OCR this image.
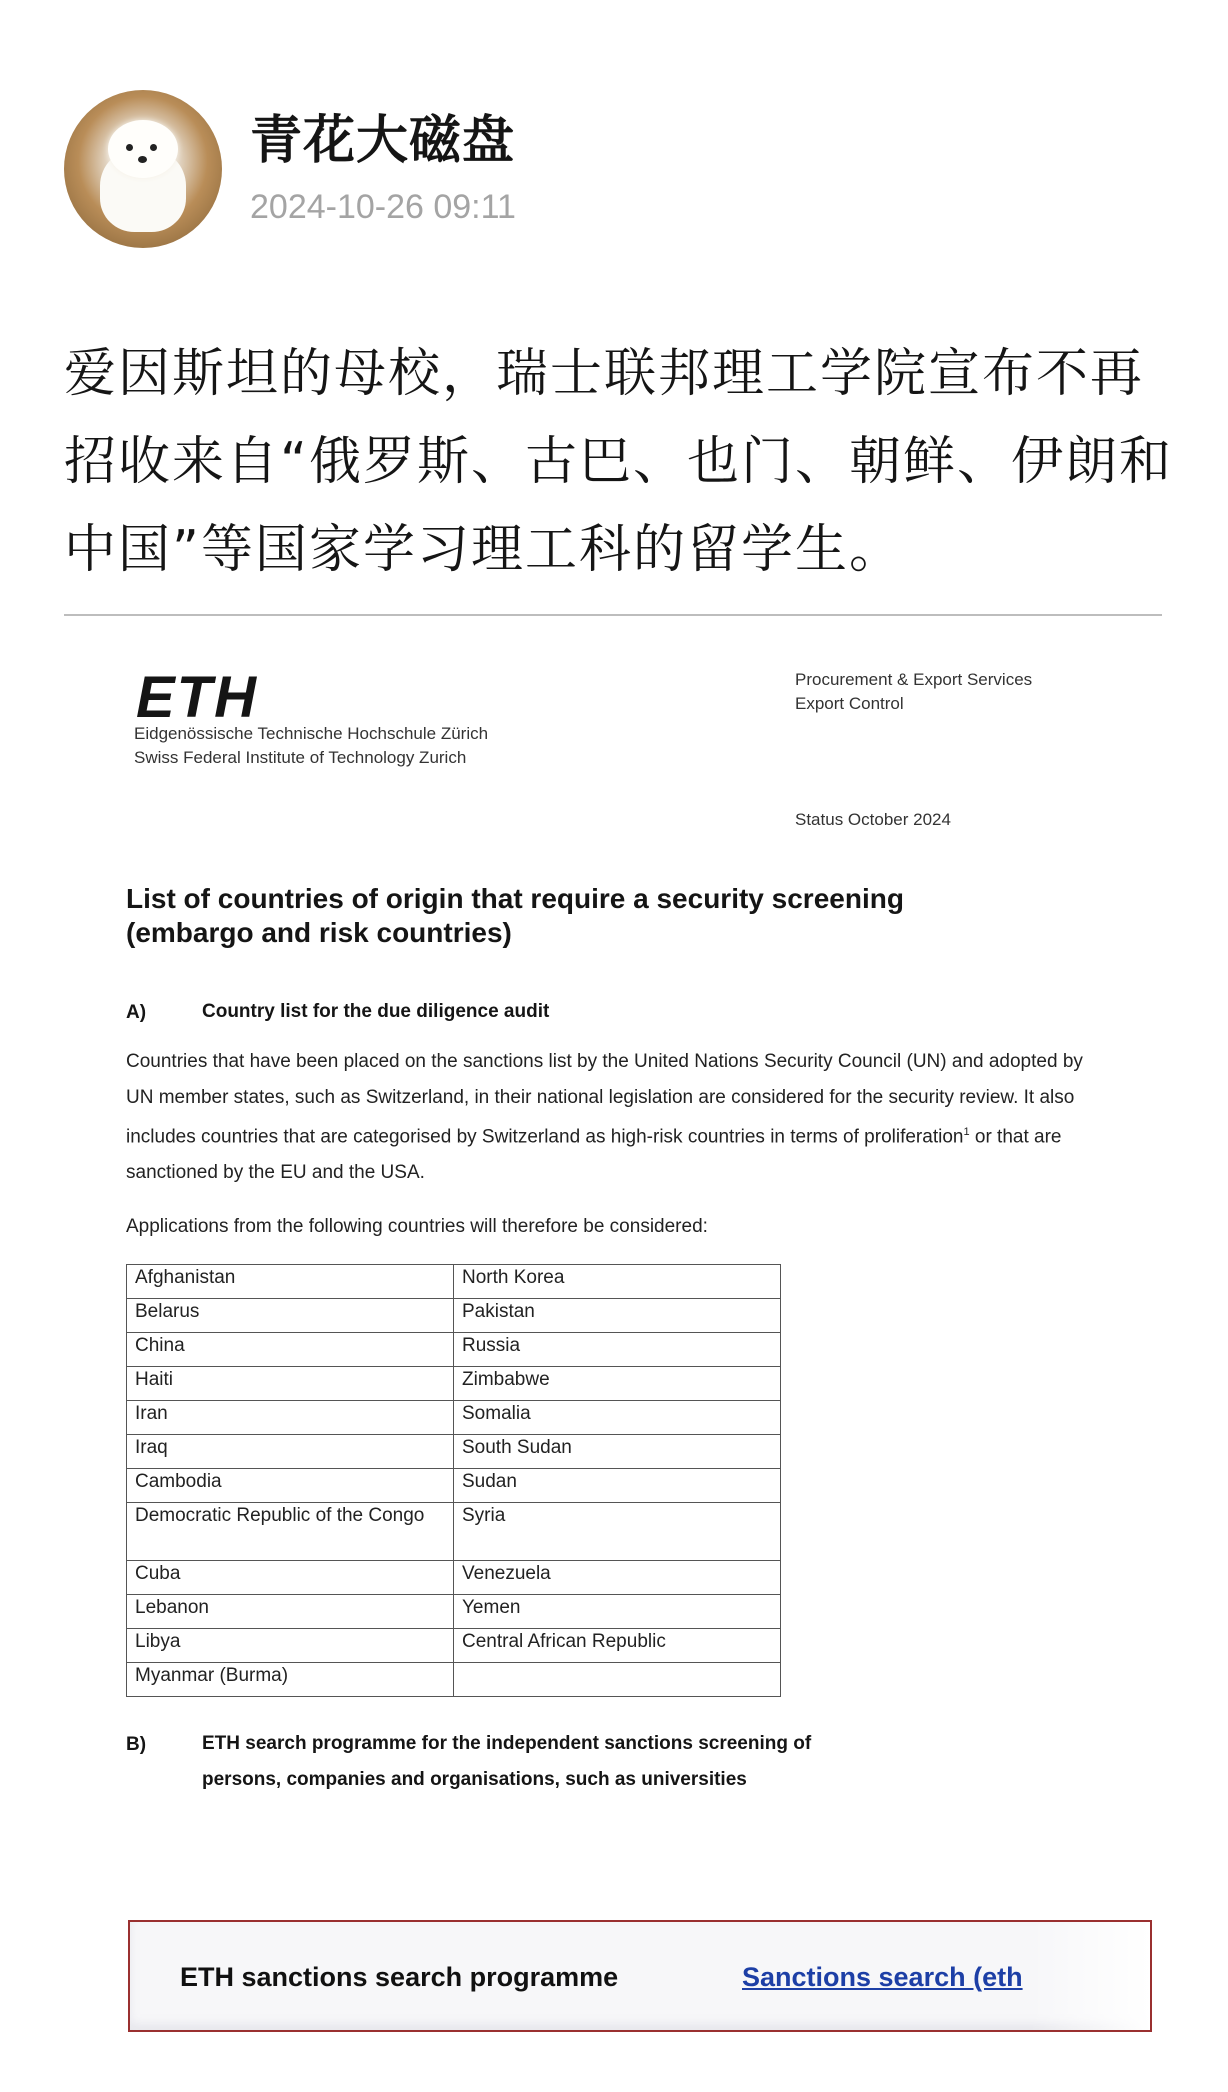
青花大磁盘
2024-10-26 09:11
爱因斯坦的母校，瑞士联邦理工学院宣布不再招收来自“俄罗斯、古巴、也门、朝鲜、伊朗和中国”等国家学习理工科的留学生。
ETH
Eidgenössische Technische Hochschule Zürich
Swiss Federal Institute of Technology Zurich
Procurement & Export Services
Export Control
Status October 2024
List of countries of origin that require a security screening
(embargo and risk countries)
A)	Country list for the due diligence audit
Countries that have been placed on the sanctions list by the United Nations Security Council (UN) and adopted by UN member states, such as Switzerland, in their national legislation are considered for the security review. It also includes countries that are categorised by Switzerland as high-risk countries in terms of proliferation$^1$ or that are sanctioned by the EU and the USA.
Applications from the following countries will therefore be considered:
Afghanistan	North Korea
Belarus	Pakistan
China	Russia
Haiti	Zimbabwe
Iran	Somalia
Iraq	South Sudan
Cambodia	Sudan
Democratic Republic of the Congo	Syria
Cuba	Venezuela
Lebanon	Yemen
Libya	Central African Republic
Myanmar (Burma)	
B)	ETH search programme for the independent sanctions screening of
persons, companies and organisations, such as universities
ETH sanctions search programme	Sanctions search (eth
